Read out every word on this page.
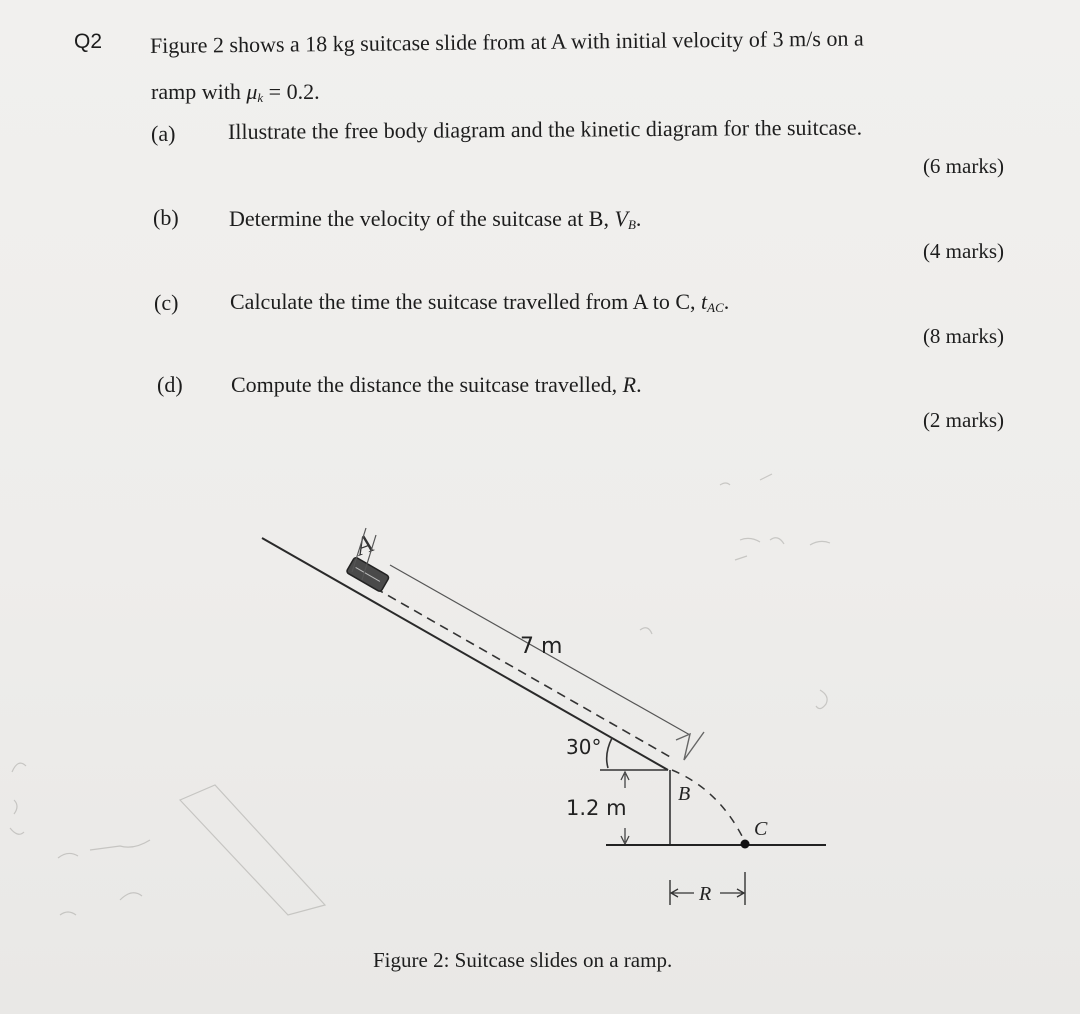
Q2 Figure 2 shows a 18 kg suitcase slide from at A with initial velocity of 3 m/s on a
ramp with $\mu_k = 0.2$.
(a) Illustrate the free body diagram and the kinetic diagram for the suitcase.
(6 marks)
(b) Determine the velocity of the suitcase at B, $V_B$.
(4 marks)
(c) Calculate the time the suitcase travelled from A to C, $t_{AC}$.
(8 marks)
(d) Compute the distance the suitcase travelled, R.
(2 marks)
A
7 m
30°
1.2 m
B
C
R
Figure 2: Suitcase slides on a ramp.
